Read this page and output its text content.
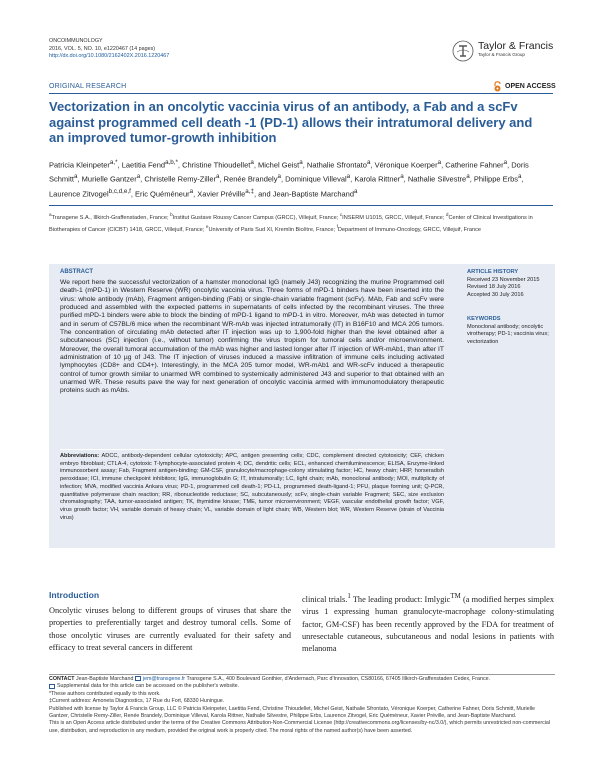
ONCOIMMUNOLOGY
2016, VOL. 5, NO. 10, e1220467 (14 pages)
http://dx.doi.org/10.1080/2162402X.2016.1220467
Taylor & Francis
Taylor & Francis Group
ORIGINAL RESEARCH	OPEN ACCESS
Vectorization in an oncolytic vaccinia virus of an antibody, a Fab and a scFv against programmed cell death -1 (PD-1) allows their intratumoral delivery and an improved tumor-growth inhibition
Patricia Kleinpeter$^{a,*}$, Laetitia Fend$^{a,b,*}$, Christine Thioudellet$^a$, Michel Geist$^a$, Nathalie Sfrontato$^a$, Véronique Koerper$^a$, Catherine Fahner$^a$, Doris Schmitt$^a$, Murielle Gantzer$^a$, Christelle Remy-Ziller$^a$, Renée Brandely$^a$, Dominique Villeval$^a$, Karola Rittner$^a$, Nathalie Silvestre$^a$, Philippe Erbs$^a$, Laurence Zitvogel$^{b,c,d,e,f}$, Eric Quéméneur$^a$, Xavier Préville$^{a,\ddagger}$, and Jean-Baptiste Marchand$^a$
$^a$Transgene S.A., Illkirch-Graffenstaden, France; $^b$Institut Gustave Roussy Cancer Campus (GRCC), Villejuif, France; $^c$INSERM U1015, GRCC, Villejuif, France; $^d$Center of Clinical Investigations in Biotherapies of Cancer (CICBT) 1418, GRCC, Villejuif, France; $^e$University of Paris Sud XI, Kremlin Bicêtre, France; $^f$Department of Immuno-Oncology, GRCC, Villejuif, France
ABSTRACT
We report here the successful vectorization of a hamster monoclonal IgG (namely J43) recognizing the murine Programmed cell death-1 (mPD-1) in Western Reserve (WR) oncolytic vaccinia virus. Three forms of mPD-1 binders have been inserted into the virus: whole antibody (mAb), Fragment antigen-binding (Fab) or single-chain variable fragment (scFv). MAb, Fab and scFv were produced and assembled with the expected patterns in supernatants of cells infected by the recombinant viruses. The three purified mPD-1 binders were able to block the binding of mPD-1 ligand to mPD-1 in vitro. Moreover, mAb was detected in tumor and in serum of C57BL/6 mice when the recombinant WR-mAb was injected intratumorally (IT) in B16F10 and MCA 205 tumors. The concentration of circulating mAb detected after IT injection was up to 1,900-fold higher than the level obtained after a subcutaneous (SC) injection (i.e., without tumor) confirming the virus tropism for tumoral cells and/or microenvironment. Moreover, the overall tumoral accumulation of the mAb was higher and lasted longer after IT injection of WR-mAb1, than after IT administration of 10 µg of J43. The IT injection of viruses induced a massive infiltration of immune cells including activated lymphocytes (CD8+ and CD4+). Interestingly, in the MCA 205 tumor model, WR-mAb1 and WR-scFv induced a therapeutic control of tumor growth similar to unarmed WR combined to systemically administered J43 and superior to that obtained with an unarmed WR. These results pave the way for next generation of oncolytic vaccinia armed with immunomodulatory therapeutic proteins such as mAbs.
Abbreviations: ADCC, antibody-dependent cellular cytotoxicity; APC, antigen presenting cells; CDC, complement directed cytotoxicity; CEF, chicken embryo fibroblast; CTLA-4, cytotoxic T-lymphocyte-associated protein 4; DC, dendritic cells; ECL, enhanced chemiluminescence; ELISA, Enzyme-linked immunosorbent assay; Fab, Fragment antigen-binding; GM-CSF, granulocyte/macrophage-colony stimulating factor; HC, heavy chain; HRP, horseradish peroxidase; ICI, immune checkpoint inhibitors; IgG, immunoglobulin G; IT, intratumorally; LC, light chain; mAb, monoclonal antibody; MOI, multiplicity of infection; MVA, modified vaccinia Ankara virus; PD-1, programmed cell death-1; PD-L1, programmed death-ligand-1; PFU, plaque forming unit; Q-PCR, quantitative polymerase chain reaction; RR, ribonucleotide reductase; SC, subcutaneously; scFv, single-chain variable Fragment; SEC, size exclusion chromatography; TAA, tumor-associated antigen; TK, thymidine kinase; TME, tumor microenvironment; VEGF, vascular endothelial growth factor; VGF, virus growth factor; VH, variable domain of heavy chain; VL, variable domain of light chain; WB, Western blot; WR, Western Reserve (strain of Vaccinia virus)
ARTICLE HISTORY
Received 23 November 2015
Revised 18 July 2016
Accepted 30 July 2016
KEYWORDS
Monoclonal antibody; oncolytic virotherapy; PD-1; vaccinia virus; vectorization
Introduction
Oncolytic viruses belong to different groups of viruses that share the properties to preferentially target and destroy tumoral cells. Some of those oncolytic viruses are currently evaluated for their safety and efficacy to treat several cancers in different
clinical trials.$^1$ The leading product: Imlygic™ (a modified herpes simplex virus 1 expressing human granulocyte-macrophage colony-stimulating factor, GM-CSF) has been recently approved by the FDA for treatment of unresectable cutaneous, subcutaneous and nodal lesions in patients with melanoma
CONTACT Jean-Baptiste Marchand jem@transgene.fr Transgene S.A., 400 Boulevard Gonthier, d'Andernach, Parc d'Innovation, CS80166, 67405 Illkirch-Graffenstaden Cedex, France.
Supplemental data for this article can be accessed on the publisher's website.
*These authors contributed equally to this work.
‡Current address: Amoneta Diagnostics, 17 Rue du Fort, 68330 Huningue.
Published with license by Taylor & Francis Group, LLC © Patricia Kleinpeter, Laetitia Fend, Christine Thioudellet, Michel Geist, Nathalie Sfrontato, Véronique Koerper, Catherine Fahner, Doris Schmitt, Murielle Gantzer, Christelle Remy-Ziller, Renée Brandely, Dominique Villeval, Karola Rittner, Nathalie Silvestre, Philippe Erbs, Laurence Zitvogel, Eric Quéméneur, Xavier Préville, and Jean-Baptiste Marchand.
This is an Open Access article distributed under the terms of the Creative Commons Attribution-Non-Commercial License (http://creativecommons.org/licenses/by-nc/3.0/), which permits unrestricted non-commercial use, distribution, and reproduction in any medium, provided the original work is properly cited. The moral rights of the named author(s) have been asserted.
